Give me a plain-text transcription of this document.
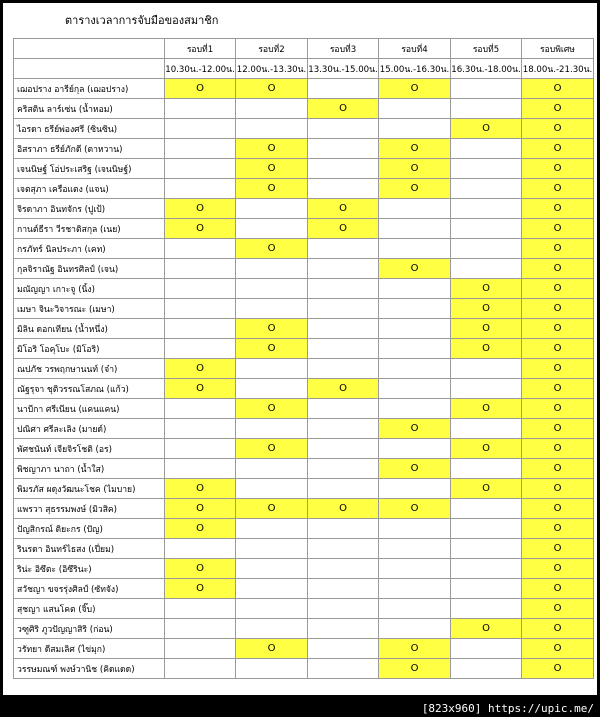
ตารางเวลาการจับมือของสมาชิก
	รอบที่1	รอบที่2	รอบที่3	รอบที่4	รอบที่5	รอบพิเศษ
	10.30น.-12.00น.	12.00น.-13.30น.	13.30น.-15.00น.	15.00น.-16.30น.	16.30น.-18.00น.	18.00น.-21.30น.
เฌอปราง อารีย์กุล (เฌอปราง)	O	O		O		O
คริสติน ลาร์เซ่น (น้ำหอม)			O			O
ไอรดา ธรีย์พ่องศรี (ซินซิน)					O	O
อิสราภา ธรีย์ภักดี (ตาหวาน)		O		O		O
เจนนิษฐ์ โอ่ประเสริฐ (เจนนิษฐ์)		O		O		O
เจตสุภา เครือแตง (แจน)		O		O		O
จิรดาภา อินทจักร (ปูเป้)	O		O			O
กานต์ธีรา วีรชาติสกุล (เนย)	O		O			O
กรภัทร์ นิลประภา (เคท)		O				O
กุลจิราณัฐ อินทรศิลป์ (เจน)				O		O
มณัญญา เกาะจู (นิ้ง)					O	O
เมษา จินะวิจารณะ (เมษา)					O	O
มิลิน ดอกเทียน (น้ำหนึ่ง)		O			O	O
มิโอริ โอคุโบะ (มิโอริ)		O			O	O
ณปภัช วรพฤกษานนท์ (จ๋า)	O					O
ณัฐรุจา ชุติวรรณโสภณ (แก้ว)	O		O			O
นาบีกา ศรีเนียน (แคนแคน)		O			O	O
ปณิศา ศรีละเลิง (มายด์)				O		O
พัศชนันท์ เจียจิรโชติ (อร)		O			O	O
พิชญาภา นาถา (น้ำใส)				O		O
พิมรภัส ผดุงวัฒนะโชค (ไมบาย)	O				O	O
แพรวา สุธรรมพงษ์ (มิวสิค)	O	O	O	O		O
ปัญสิกรณ์ ติยะกร (ปัญ)	O					O
รินรดา อินทร์ไธสง (เปี่ยม)						O
ริน่ะ อิซึตะ (อิซึรินะ)	O					O
สวัชญา ขจรรุ่งศิลป์ (ซัทจัง)	O					O
สุชญา แสนโคต (จิ๊บ)						O
วฑูศิริ ภูวปัญญาสิริ (ก่อน)					O	O
วรัทยา ดีสมเลิศ (ไข่มุก)		O		O		O
วรรษมณฑ์ พงษ์วานิช (คิดแดด)				O		O
[823x960] https://upic.me/
